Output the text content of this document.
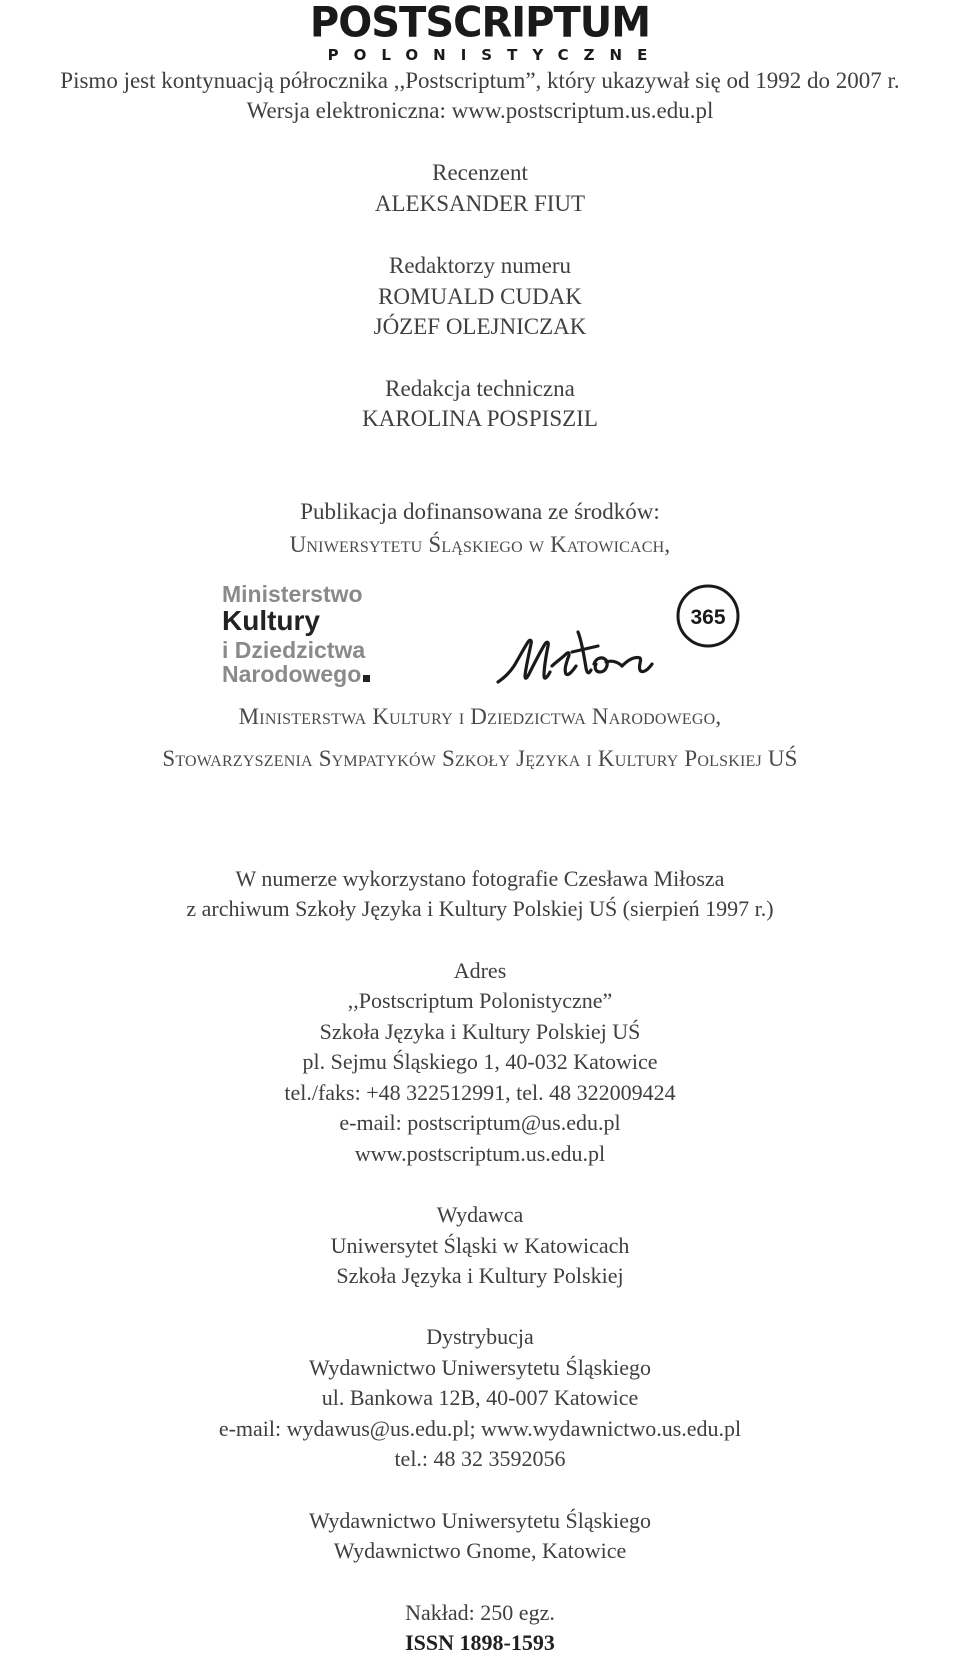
POSTSCRIPTUM
POLONISTYCZNE
Pismo jest kontynuacją półrocznika ,,Postscriptum”, który ukazywał się od 1992 do 2007 r.
Wersja elektroniczna: www.postscriptum.us.edu.pl
Recenzent
ALEKSANDER FIUT
Redaktorzy numeru
ROMUALD CUDAK
JÓZEF OLEJNICZAK
Redakcja techniczna
KAROLINA POSPISZIL
Publikacja dofinansowana ze środków:
Uniwersytetu Śląskiego w Katowicach,
Ministerstwo
Kultury
i Dziedzictwa
Narodowego
365
Ministerstwa Kultury i Dziedzictwa Narodowego,
Stowarzyszenia Sympatyków Szkoły Języka i Kultury Polskiej UŚ
W numerze wykorzystano fotografie Czesława Miłosza
z archiwum Szkoły Języka i Kultury Polskiej UŚ (sierpień 1997 r.)
Adres
,,Postscriptum Polonistyczne”
Szkoła Języka i Kultury Polskiej UŚ
pl. Sejmu Śląskiego 1, 40-032 Katowice
tel./faks: +48 322512991, tel. 48 322009424
e-mail: postscriptum@us.edu.pl
www.postscriptum.us.edu.pl
Wydawca
Uniwersytet Śląski w Katowicach
Szkoła Języka i Kultury Polskiej
Dystrybucja
Wydawnictwo Uniwersytetu Śląskiego
ul. Bankowa 12B, 40-007 Katowice
e-mail: wydawus@us.edu.pl; www.wydawnictwo.us.edu.pl
tel.: 48 32 3592056
Wydawnictwo Uniwersytetu Śląskiego
Wydawnictwo Gnome, Katowice
Nakład: 250 egz.
ISSN 1898-1593
